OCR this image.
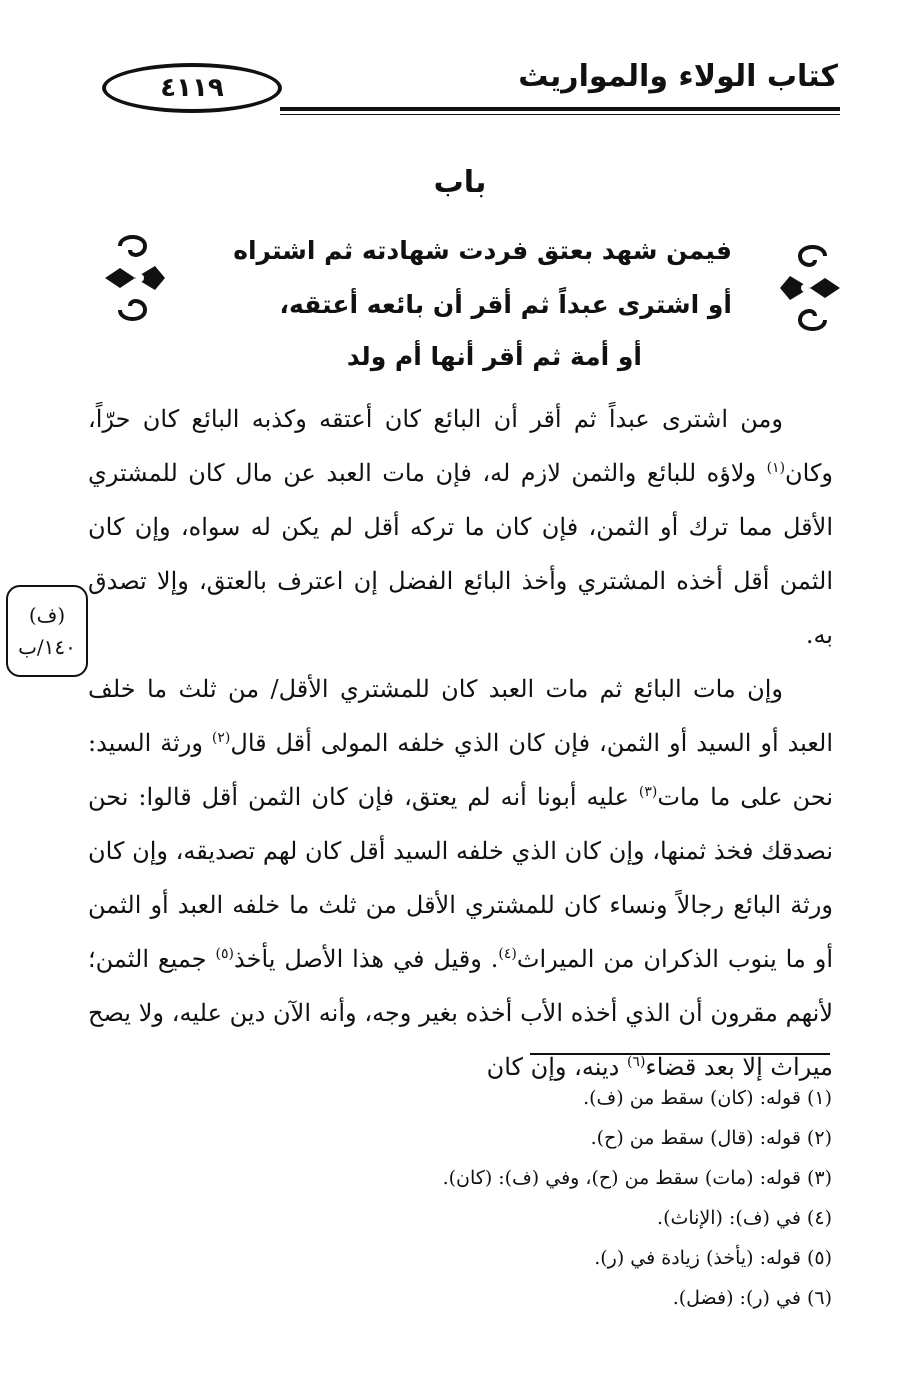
٤١١٩	كتاب الولاء والمواريث
باب
فيمن شهد بعتق فردت شهادته ثم اشتراه
أو اشترى عبداً ثم أقر أن بائعه أعتقه،
أو أمة ثم أقر أنها أم ولد
(ف)
١٤٠/ب

ومن اشترى عبداً ثم أقر أن البائع كان أعتقه وكذبه البائع كان حرّاً، وكان$^{(١)}$ ولاؤه للبائع والثمن لازم له، فإن مات العبد عن مال كان للمشتري الأقل مما ترك أو الثمن، فإن كان ما تركه أقل لم يكن له سواه، وإن كان الثمن أقل أخذه المشتري وأخذ البائع الفضل إن اعترف بالعتق، وإلا تصدق به.

وإن مات البائع ثم مات العبد كان للمشتري الأقل/ من ثلث ما خلف العبد أو السيد أو الثمن، فإن كان الذي خلفه المولى أقل قال$^{(٢)}$ ورثة السيد: نحن على ما مات$^{(٣)}$ عليه أبونا أنه لم يعتق، فإن كان الثمن أقل قالوا: نحن نصدقك فخذ ثمنها، وإن كان الذي خلفه السيد أقل كان لهم تصديقه، وإن كان ورثة البائع رجالاً ونساء كان للمشتري الأقل من ثلث ما خلفه العبد أو الثمن أو ما ينوب الذكران من الميراث$^{(٤)}$. وقيل في هذا الأصل يأخذ$^{(٥)}$ جميع الثمن؛ لأنهم مقرون أن الذي أخذه الأب أخذه بغير وجه، وأنه الآن دين عليه، ولا يصح ميراث إلا بعد قضاء$^{(٦)}$ دينه، وإن كان

(١) قوله: (كان) سقط من (ف).
(٢) قوله: (قال) سقط من (ح).
(٣) قوله: (مات) سقط من (ح)، وفي (ف): (كان).
(٤) في (ف): (الإناث).
(٥) قوله: (يأخذ) زيادة في (ر).
(٦) في (ر): (فضل).
